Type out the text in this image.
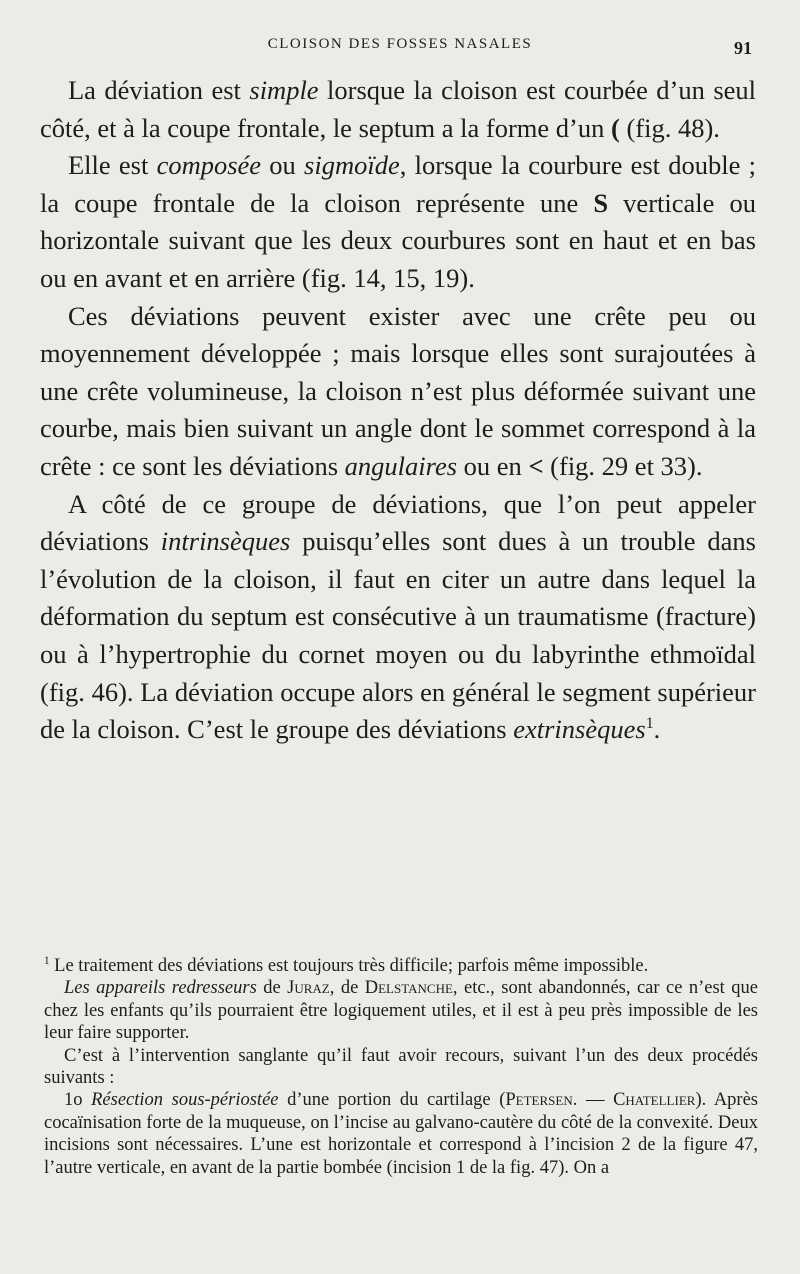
CLOISON DES FOSSES NASALES	91

La déviation est simple lorsque la cloison est courbée d’un seul côté, et à la coupe frontale, le septum a la forme d’un ( (fig. 48).

Elle est composée ou sigmoïde, lorsque la courbure est double ; la coupe frontale de la cloison représente une S verticale ou horizontale suivant que les deux courbures sont en haut et en bas ou en avant et en arrière (fig. 14, 15, 19).

Ces déviations peuvent exister avec une crête peu ou moyennement développée ; mais lorsque elles sont surajoutées à une crête volumineuse, la cloison n’est plus déformée suivant une courbe, mais bien suivant un angle dont le sommet correspond à la crête : ce sont les déviations angulaires ou en < (fig. 29 et 33).

A côté de ce groupe de déviations, que l’on peut appeler déviations intrinsèques puisqu’elles sont dues à un trouble dans l’évolution de la cloison, il faut en citer un autre dans lequel la déformation du septum est consécutive à un traumatisme (fracture) ou à l’hypertrophie du cornet moyen ou du labyrinthe ethmoïdal (fig. 46). La déviation occupe alors en général le segment supérieur de la cloison. C’est le groupe des déviations extrinsèques$^1$.

$^1$ Le traitement des déviations est toujours très difficile; parfois même impossible.

Les appareils redresseurs de Juraz, de Delstanche, etc., sont abandonnés, car ce n’est que chez les enfants qu’ils pourraient être logiquement utiles, et il est à peu près impossible de les leur faire supporter.

C’est à l’intervention sanglante qu’il faut avoir recours, suivant l’un des deux procédés suivants :

1o Résection sous-périostée d’une portion du cartilage (Petersen. — Chatellier). Après cocaïnisation forte de la muqueuse, on l’incise au galvano-cautère du côté de la convexité. Deux incisions sont nécessaires. L’une est horizontale et correspond à l’incision 2 de la figure 47, l’autre verticale, en avant de la partie bombée (incision 1 de la fig. 47). On a
